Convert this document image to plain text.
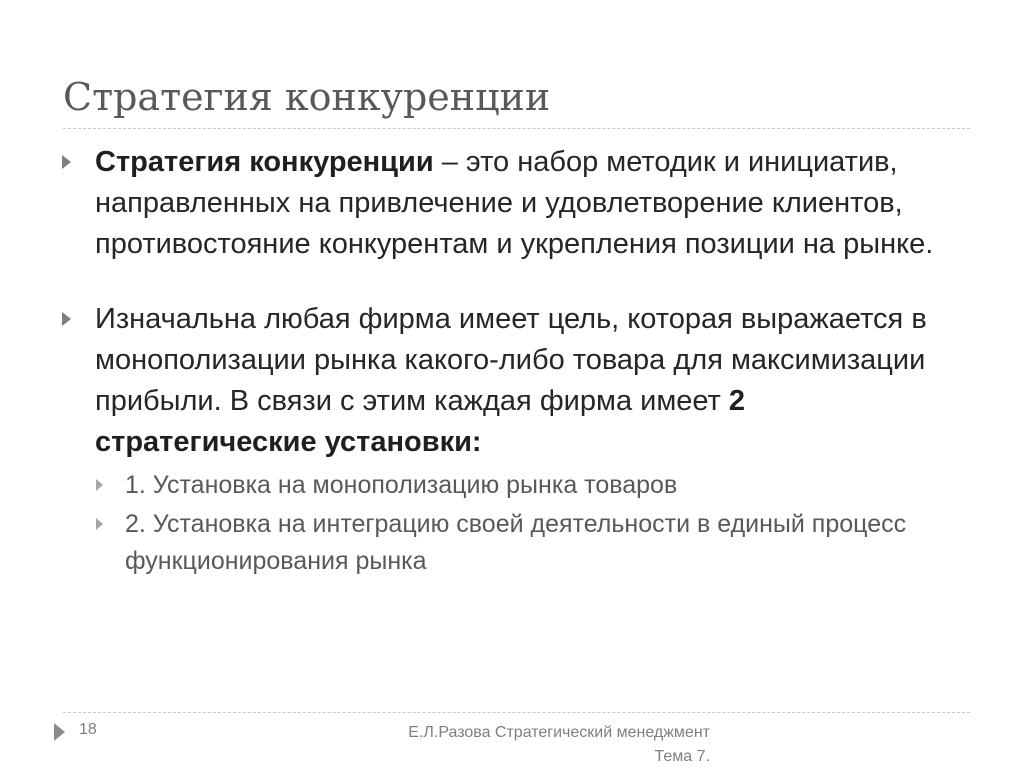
Стратегия конкуренции
Стратегия конкуренции – это набор методик и инициатив, направленных на привлечение и удовлетворение клиентов, противостояние конкурентам и укрепления позиции на рынке.
Изначальна любая фирма имеет цель, которая выражается в монополизации рынка какого-либо товара для максимизации прибыли. В связи с этим каждая фирма имеет 2 стратегические установки:
1. Установка на монополизацию рынка товаров
2. Установка на интеграцию своей деятельности в единый процесс функционирования рынка
18	Е.Л.Разова Стратегический менеджмент
Тема 7.
